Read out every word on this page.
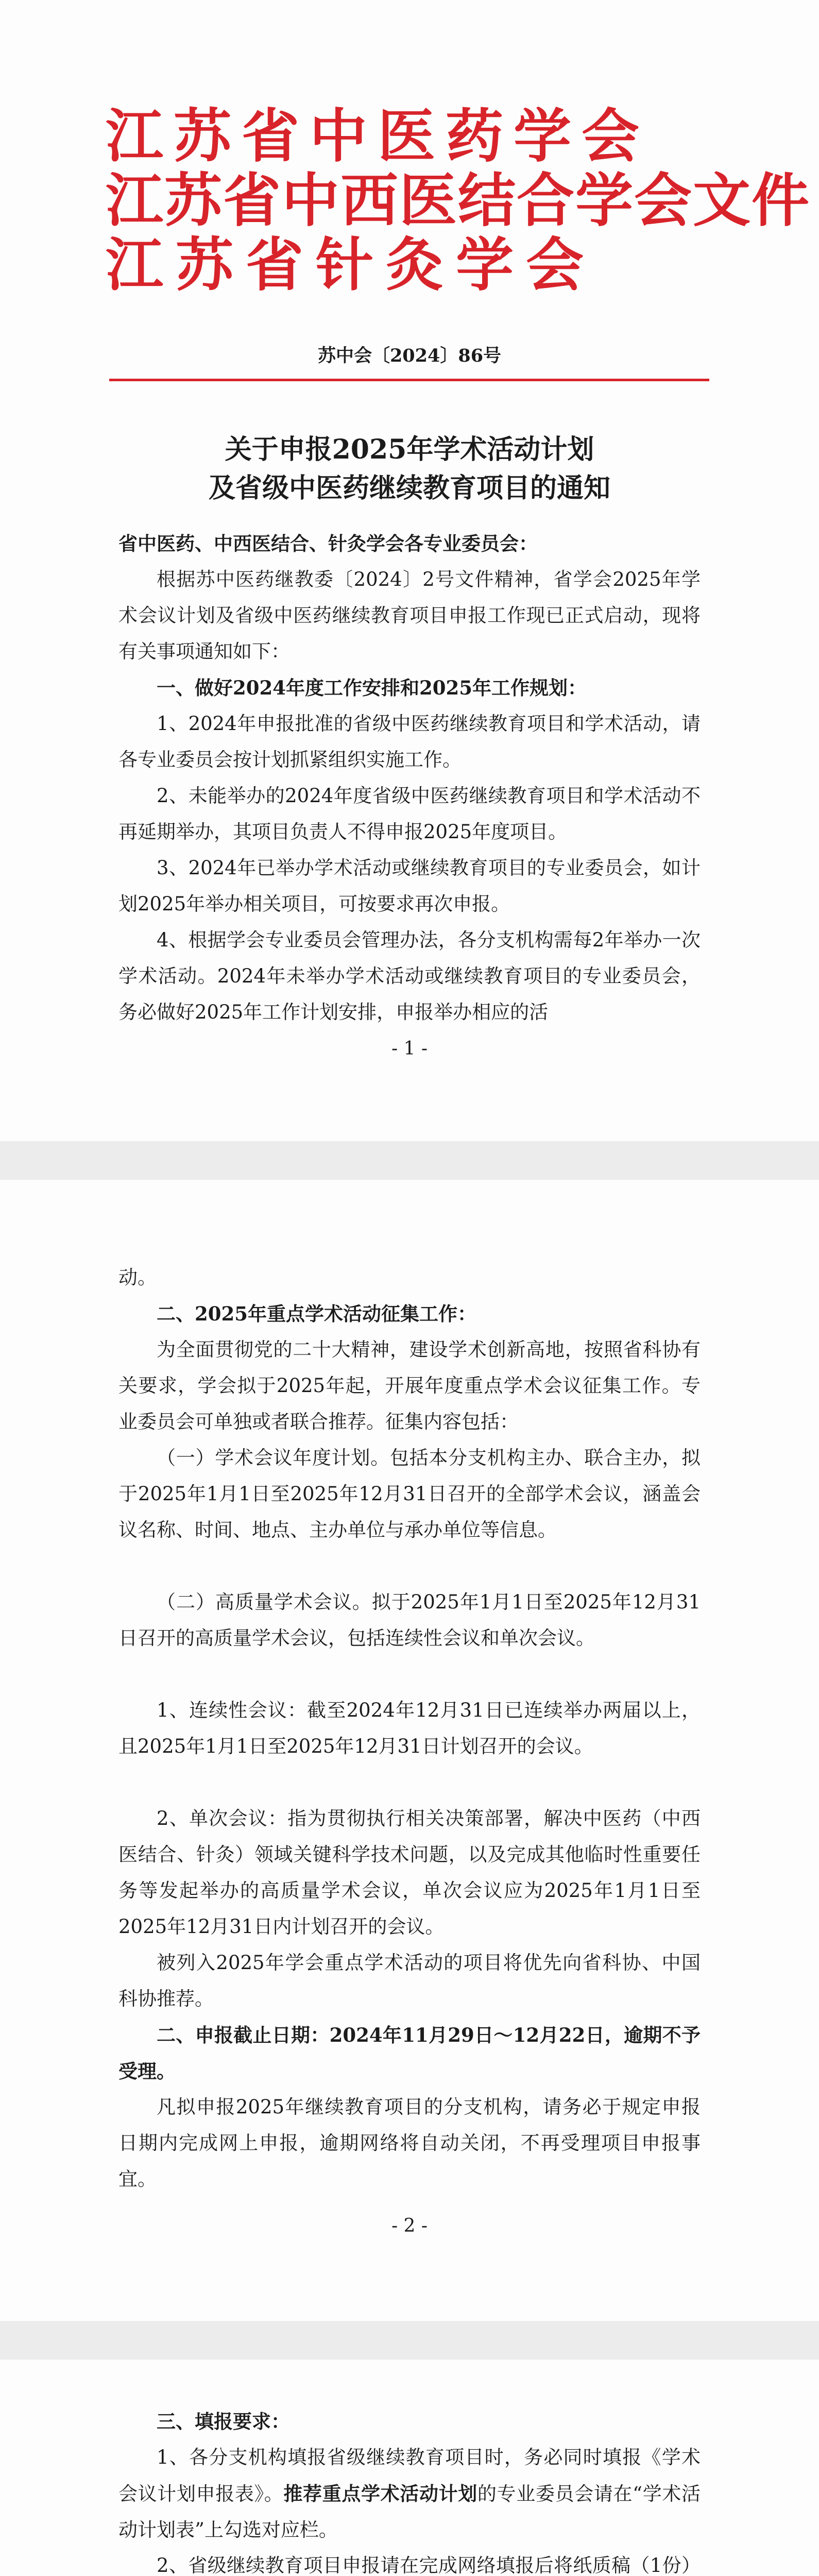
江苏省中医药学会
江苏省中西医结合学会文件
江苏省针灸学会
苏中会〔2024〕86号
关于申报2025年学术活动计划
及省级中医药继续教育项目的通知
省中医药、中西医结合、针灸学会各专业委员会：
根据苏中医药继教委〔2024〕2号文件精神，省学会2025年学术会议计划及省级中医药继续教育项目申报工作现已正式启动，现将有关事项通知如下：
一、做好2024年度工作安排和2025年工作规划：
1、2024年申报批准的省级中医药继续教育项目和学术活动，请各专业委员会按计划抓紧组织实施工作。
2、未能举办的2024年度省级中医药继续教育项目和学术活动不再延期举办，其项目负责人不得申报2025年度项目。
3、2024年已举办学术活动或继续教育项目的专业委员会，如计划2025年举办相关项目，可按要求再次申报。
4、根据学会专业委员会管理办法，各分支机构需每2年举办一次学术活动。2024年未举办学术活动或继续教育项目的专业委员会，务必做好2025年工作计划安排，申报举办相应的活
- 1 -
动。
二、2025年重点学术活动征集工作：
为全面贯彻党的二十大精神，建设学术创新高地，按照省科协有关要求，学会拟于2025年起，开展年度重点学术会议征集工作。专业委员会可单独或者联合推荐。征集内容包括：
（一）学术会议年度计划。包括本分支机构主办、联合主办，拟于2025年1月1日至2025年12月31日召开的全部学术会议，涵盖会议名称、时间、地点、主办单位与承办单位等信息。
（二）高质量学术会议。拟于2025年1月1日至2025年12月31日召开的高质量学术会议，包括连续性会议和单次会议。
1、连续性会议：截至2024年12月31日已连续举办两届以上，且2025年1月1日至2025年12月31日计划召开的会议。
2、单次会议：指为贯彻执行相关决策部署，解决中医药（中西医结合、针灸）领域关键科学技术问题，以及完成其他临时性重要任务等发起举办的高质量学术会议，单次会议应为2025年1月1日至2025年12月31日内计划召开的会议。
被列入2025年学会重点学术活动的项目将优先向省科协、中国科协推荐。
二、申报截止日期：2024年11月29日～12月22日，逾期不予受理。
凡拟申报2025年继续教育项目的分支机构，请务必于规定申报日期内完成网上申报，逾期网络将自动关闭，不再受理项目申报事宜。
- 2 -
三、填报要求：
1、各分支机构填报省级继续教育项目时，务必同时填报《学术会议计划申报表》。推荐重点学术活动计划的专业委员会请在“学术活动计划表”上勾选对应栏。
2、省级继续教育项目申报请在完成网络填报后将纸质稿（1份）
